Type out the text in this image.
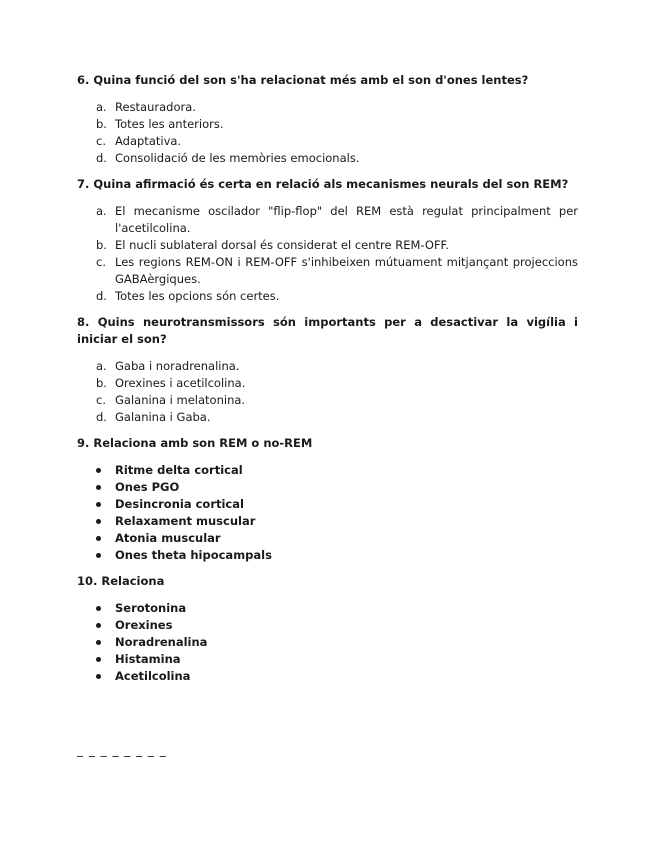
6. Quina funció del son s'ha relacionat més amb el son d'ones lentes?

a. Restauradora.
b. Totes les anteriors.
c. Adaptativa.
d. Consolidació de les memòries emocionals.

7. Quina afirmació és certa en relació als mecanismes neurals del son REM?

a. El mecanisme oscilador "flip-flop" del REM està regulat principalment per l'acetilcolina.
b. El nucli sublateral dorsal és considerat el centre REM-OFF.
c. Les regions REM-ON i REM-OFF s'inhibeixen mútuament mitjançant projeccions GABAèrgiques.
d. Totes les opcions són certes.

8. Quins neurotransmissors són importants per a desactivar la vigília i iniciar el son?

a. Gaba i noradrenalina.
b. Orexines i acetilcolina.
c. Galanina i melatonina.
d. Galanina i Gaba.

9. Relaciona amb son REM o no-REM

Ritme delta cortical
Ones PGO
Desincronia cortical
Relaxament muscular
Atonia muscular
Ones theta hipocampals

10. Relaciona

Serotonina
Orexines
Noradrenalina
Histamina
Acetilcolina
_ _ _ _ _ _ _ _
